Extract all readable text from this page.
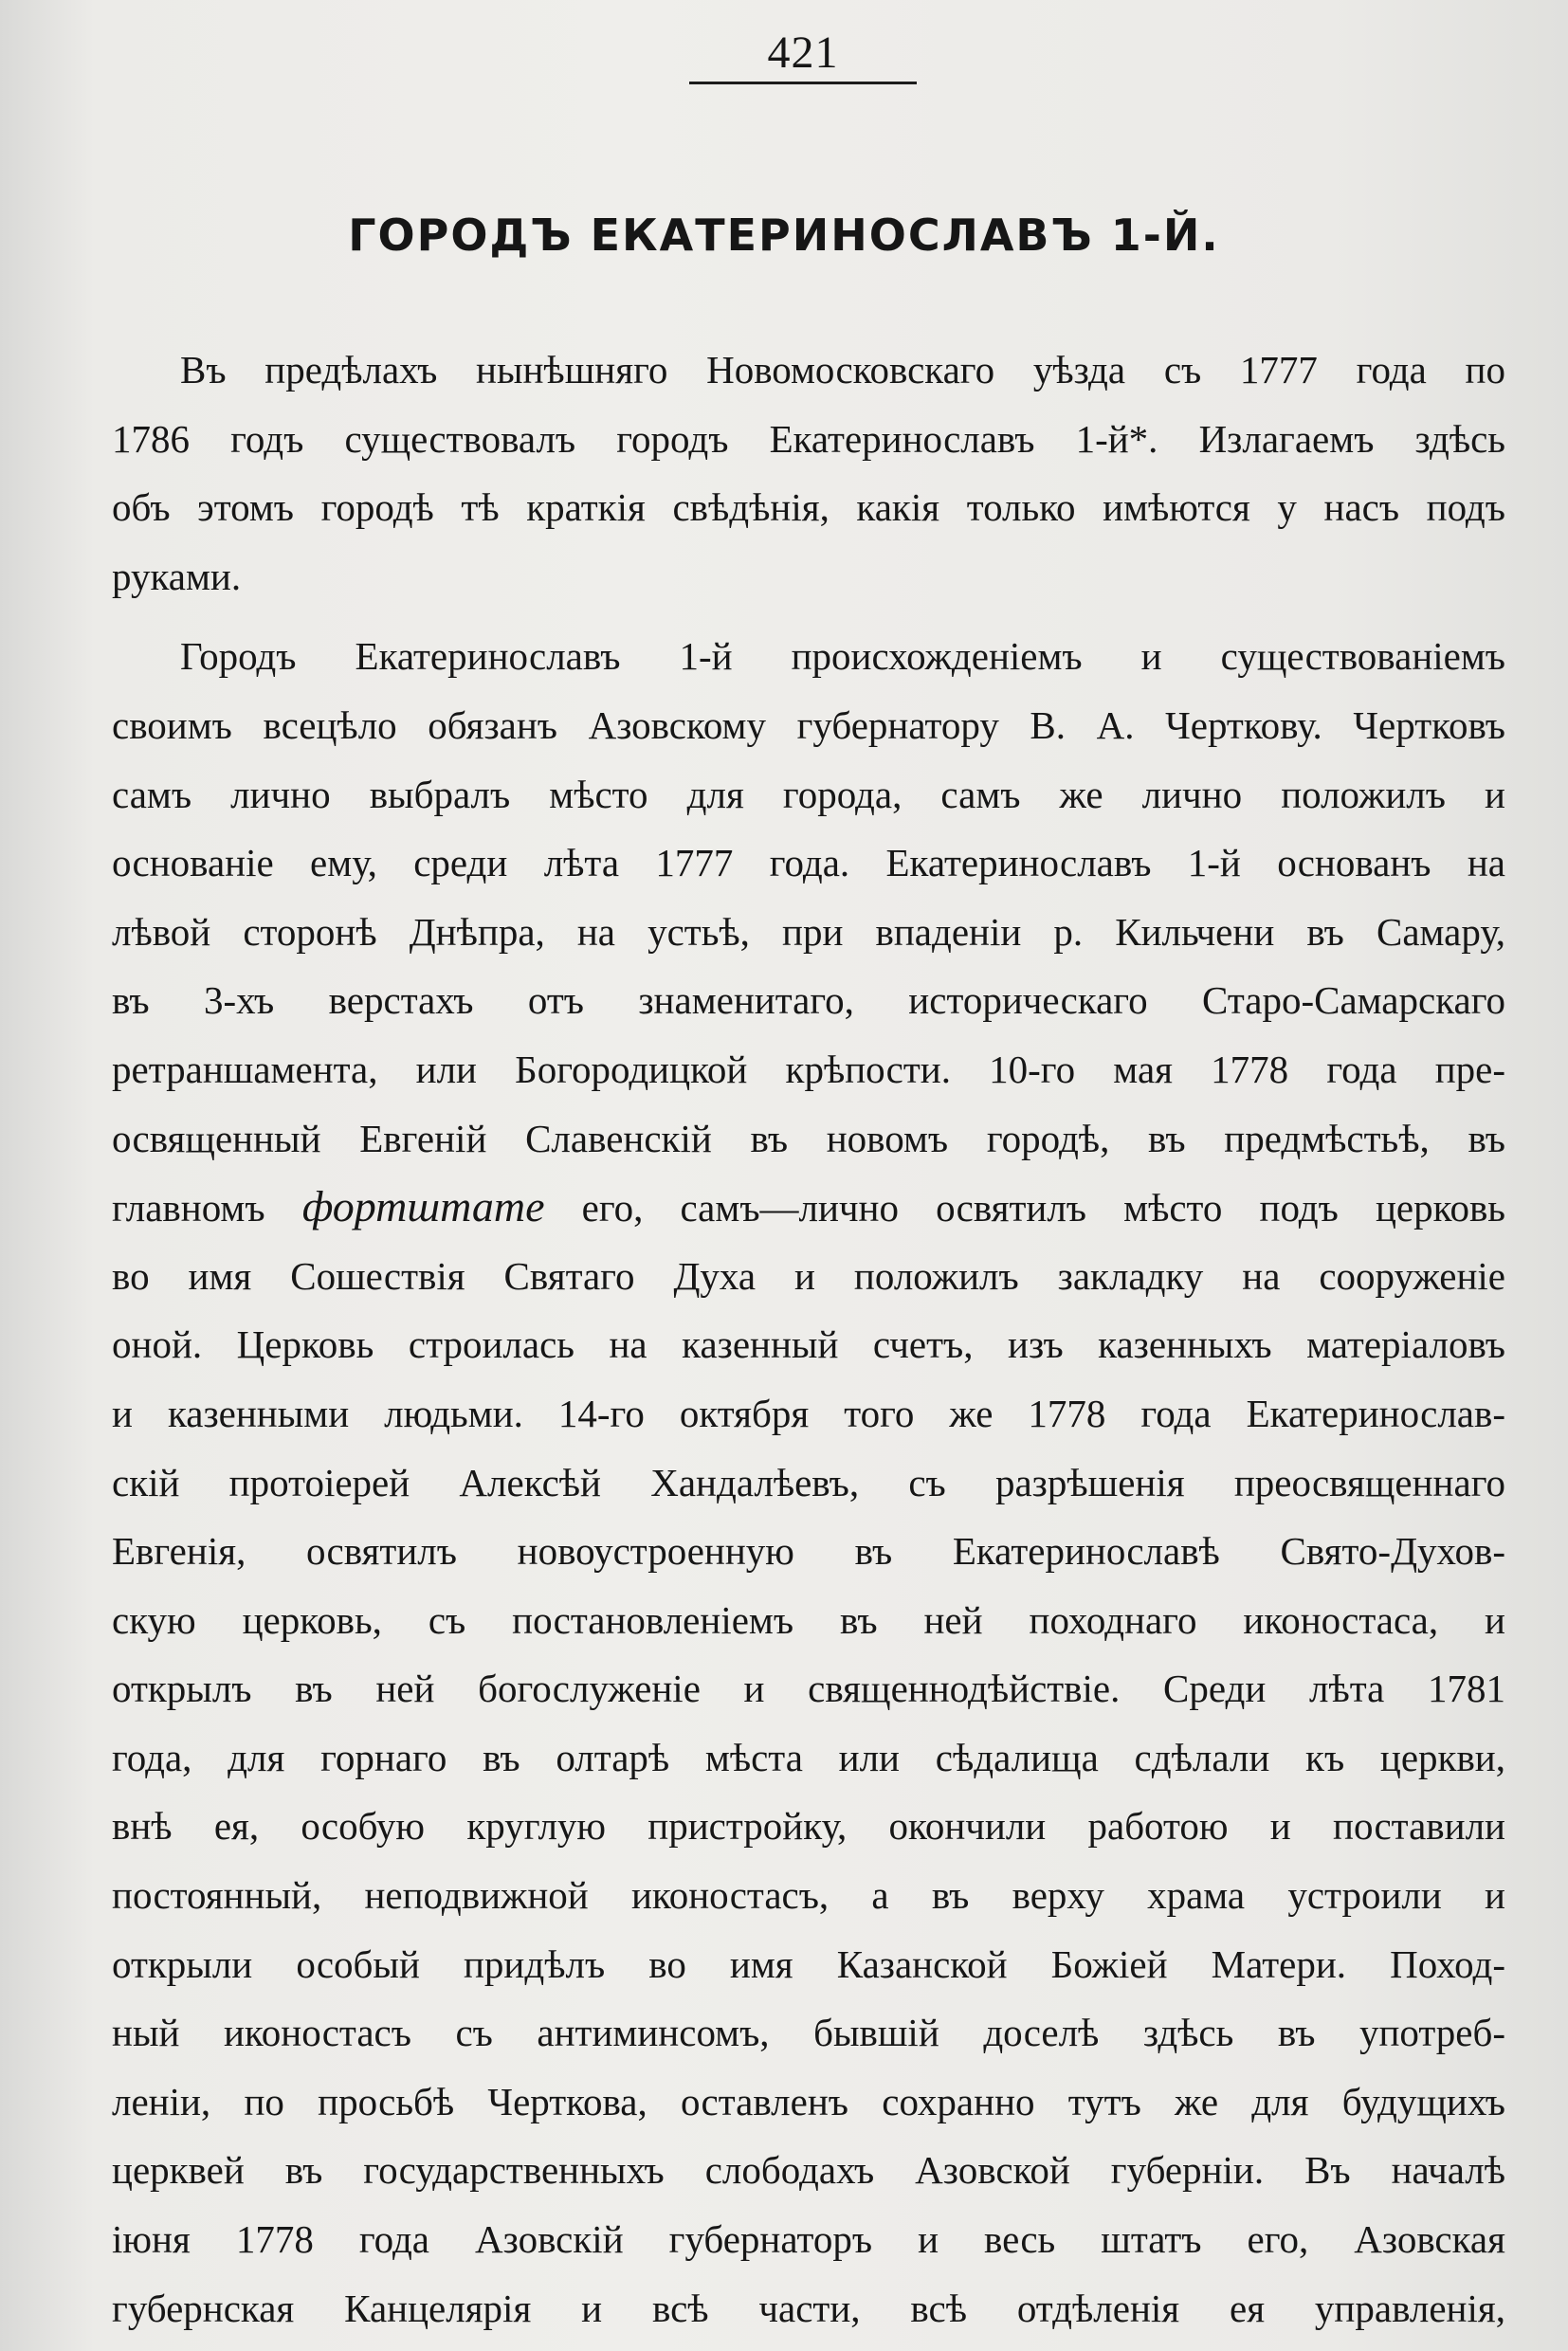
421
ГОРОДЪ ЕКАТЕРИНОСЛАВЪ 1-Й.
Въ предѣлахъ нынѣшняго Новомосковскаго уѣзда съ 1777 года по
1786 годъ существовалъ городъ Екатеринославъ 1-й*. Излагаемъ здѣсь
объ этомъ городѣ тѣ краткія свѣдѣнія, какія только имѣются у насъ подъ
руками.
Городъ Екатеринославъ 1-й происхожденіемъ и существованіемъ
своимъ всецѣло обязанъ Азовскому губернатору В. А. Черткову. Чертковъ
самъ лично выбралъ мѣсто для города, самъ же лично положилъ и
основаніе ему, среди лѣта 1777 года. Екатеринославъ 1-й основанъ на
лѣвой сторонѣ Днѣпра, на устьѣ, при впаденіи р. Кильчени въ Самару,
въ 3-хъ верстахъ отъ знаменитаго, историческаго Старо-Самарскаго
ретраншамента, или Богородицкой крѣпости. 10-го мая 1778 года пре-
освященный Евгеній Славенскій въ новомъ городѣ, въ предмѣстьѣ, въ
главномъ фортштате его, самъ—лично освятилъ мѣсто подъ церковь
во имя Сошествія Святаго Духа и положилъ закладку на сооруженіе
оной. Церковь строилась на казенный счетъ, изъ казенныхъ матеріаловъ
и казенными людьми. 14-го октября того же 1778 года Екатеринослав-
скій протоіерей Алексѣй Хандалѣевъ, съ разрѣшенія преосвященнаго
Евгенія, освятилъ новоустроенную въ Екатеринославѣ Свято-Духов-
скую церковь, съ постановленіемъ въ ней походнаго иконостаса, и
открылъ въ ней богослуженіе и священнодѣйствіе. Среди лѣта 1781
года, для горнаго въ олтарѣ мѣста или сѣдалища сдѣлали къ церкви,
внѣ ея, особую круглую пристройку, окончили работою и поставили
постоянный, неподвижной иконостасъ, а въ верху храма устроили и
открыли особый придѣлъ во имя Казанской Божіей Матери. Поход-
ный иконостасъ съ антиминсомъ, бывшій доселѣ здѣсь въ употреб-
леніи, по просьбѣ Черткова, оставленъ сохранно тутъ же для будущихъ
церквей въ государственныхъ слободахъ Азовской губерніи. Въ началѣ
іюня 1778 года Азовскій губернаторъ и весь штатъ его, Азовская
губернская Канцелярія и всѣ части, всѣ отдѣленія ея управленія,
